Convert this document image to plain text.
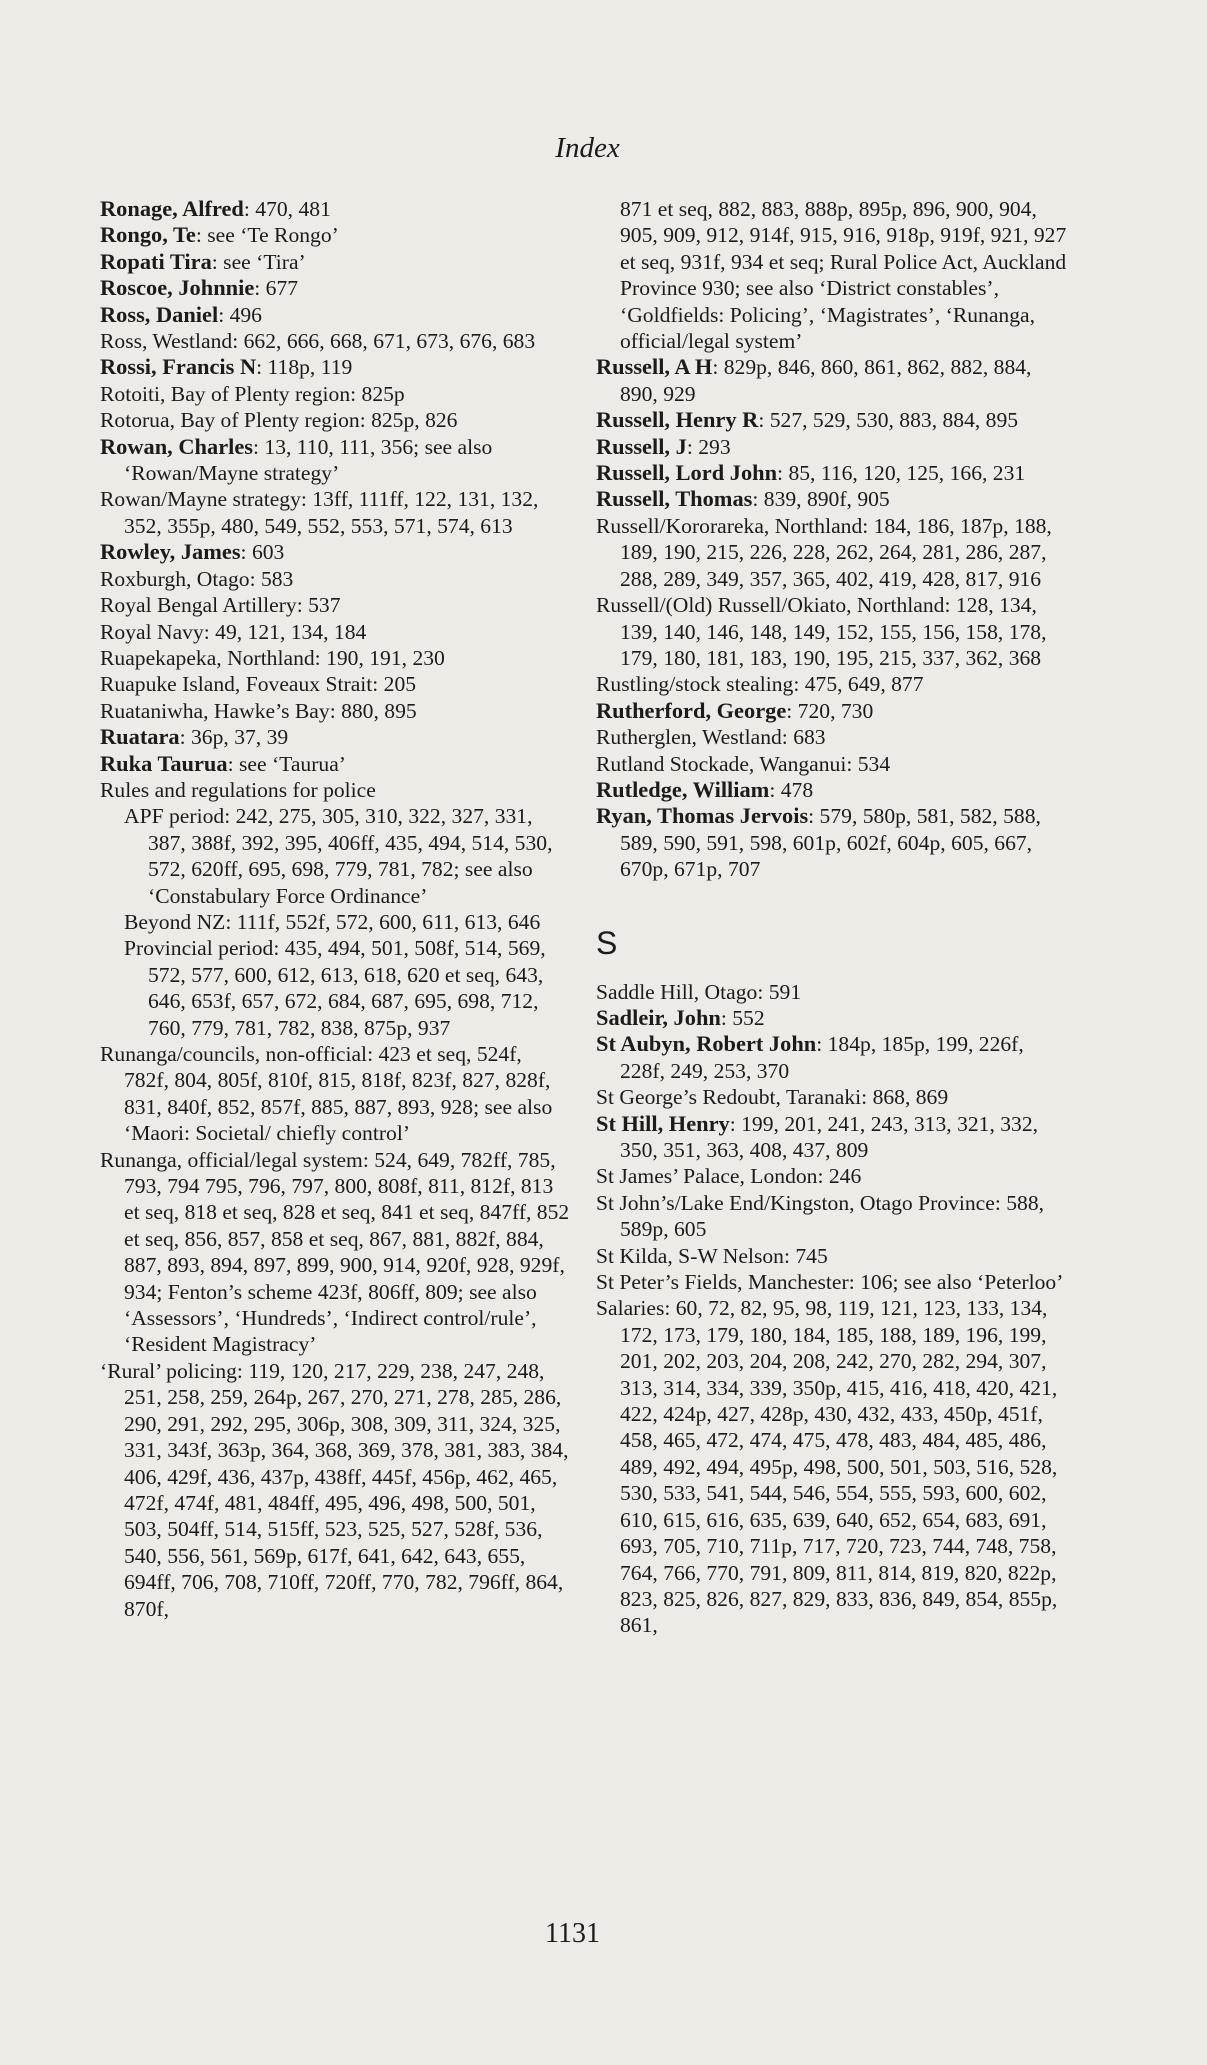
Index
Ronage, Alfred: 470, 481
Rongo, Te: see ‘Te Rongo’
Ropati Tira: see ‘Tira’
Roscoe, Johnnie: 677
Ross, Daniel: 496
Ross, Westland: 662, 666, 668, 671, 673, 676, 683
Rossi, Francis N: 118p, 119
Rotoiti, Bay of Plenty region: 825p
Rotorua, Bay of Plenty region: 825p, 826
Rowan, Charles: 13, 110, 111, 356; see also ‘Rowan/Mayne strategy’
Rowan/Mayne strategy: 13ff, 111ff, 122, 131, 132, 352, 355p, 480, 549, 552, 553, 571, 574, 613
Rowley, James: 603
Roxburgh, Otago: 583
Royal Bengal Artillery: 537
Royal Navy: 49, 121, 134, 184
Ruapekapeka, Northland: 190, 191, 230
Ruapuke Island, Foveaux Strait: 205
Ruataniwha, Hawke’s Bay: 880, 895
Ruatara: 36p, 37, 39
Ruka Taurua: see ‘Taurua’
Rules and regulations for police
APF period: 242, 275, 305, 310, 322, 327, 331, 387, 388f, 392, 395, 406ff, 435, 494, 514, 530, 572, 620ff, 695, 698, 779, 781, 782; see also ‘Constabulary Force Ordinance’
Beyond NZ: 111f, 552f, 572, 600, 611, 613, 646
Provincial period: 435, 494, 501, 508f, 514, 569, 572, 577, 600, 612, 613, 618, 620 et seq, 643, 646, 653f, 657, 672, 684, 687, 695, 698, 712, 760, 779, 781, 782, 838, 875p, 937
Runanga/councils, non-official: 423 et seq, 524f, 782f, 804, 805f, 810f, 815, 818f, 823f, 827, 828f, 831, 840f, 852, 857f, 885, 887, 893, 928; see also ‘Maori: Societal/ chiefly control’
Runanga, official/legal system: 524, 649, 782ff, 785, 793, 794 795, 796, 797, 800, 808f, 811, 812f, 813 et seq, 818 et seq, 828 et seq, 841 et seq, 847ff, 852 et seq, 856, 857, 858 et seq, 867, 881, 882f, 884, 887, 893, 894, 897, 899, 900, 914, 920f, 928, 929f, 934; Fenton’s scheme 423f, 806ff, 809; see also ‘Assessors’, ‘Hundreds’, ‘Indirect control/rule’, ‘Resident Magistracy’
‘Rural’ policing: 119, 120, 217, 229, 238, 247, 248, 251, 258, 259, 264p, 267, 270, 271, 278, 285, 286, 290, 291, 292, 295, 306p, 308, 309, 311, 324, 325, 331, 343f, 363p, 364, 368, 369, 378, 381, 383, 384, 406, 429f, 436, 437p, 438ff, 445f, 456p, 462, 465, 472f, 474f, 481, 484ff, 495, 496, 498, 500, 501, 503, 504ff, 514, 515ff, 523, 525, 527, 528f, 536, 540, 556, 561, 569p, 617f, 641, 642, 643, 655, 694ff, 706, 708, 710ff, 720ff, 770, 782, 796ff, 864, 870f,
871 et seq, 882, 883, 888p, 895p, 896, 900, 904, 905, 909, 912, 914f, 915, 916, 918p, 919f, 921, 927 et seq, 931f, 934 et seq; Rural Police Act, Auckland Province 930; see also ‘District constables’, ‘Goldfields: Policing’, ‘Magistrates’, ‘Runanga, official/legal system’
Russell, A H: 829p, 846, 860, 861, 862, 882, 884, 890, 929
Russell, Henry R: 527, 529, 530, 883, 884, 895
Russell, J: 293
Russell, Lord John: 85, 116, 120, 125, 166, 231
Russell, Thomas: 839, 890f, 905
Russell/Kororareka, Northland: 184, 186, 187p, 188, 189, 190, 215, 226, 228, 262, 264, 281, 286, 287, 288, 289, 349, 357, 365, 402, 419, 428, 817, 916
Russell/(Old) Russell/Okiato, Northland: 128, 134, 139, 140, 146, 148, 149, 152, 155, 156, 158, 178, 179, 180, 181, 183, 190, 195, 215, 337, 362, 368
Rustling/stock stealing: 475, 649, 877
Rutherford, George: 720, 730
Rutherglen, Westland: 683
Rutland Stockade, Wanganui: 534
Rutledge, William: 478
Ryan, Thomas Jervois: 579, 580p, 581, 582, 588, 589, 590, 591, 598, 601p, 602f, 604p, 605, 667, 670p, 671p, 707
S
Saddle Hill, Otago: 591
Sadleir, John: 552
St Aubyn, Robert John: 184p, 185p, 199, 226f, 228f, 249, 253, 370
St George’s Redoubt, Taranaki: 868, 869
St Hill, Henry: 199, 201, 241, 243, 313, 321, 332, 350, 351, 363, 408, 437, 809
St James’ Palace, London: 246
St John’s/Lake End/Kingston, Otago Province: 588, 589p, 605
St Kilda, S-W Nelson: 745
St Peter’s Fields, Manchester: 106; see also ‘Peterloo’
Salaries: 60, 72, 82, 95, 98, 119, 121, 123, 133, 134, 172, 173, 179, 180, 184, 185, 188, 189, 196, 199, 201, 202, 203, 204, 208, 242, 270, 282, 294, 307, 313, 314, 334, 339, 350p, 415, 416, 418, 420, 421, 422, 424p, 427, 428p, 430, 432, 433, 450p, 451f, 458, 465, 472, 474, 475, 478, 483, 484, 485, 486, 489, 492, 494, 495p, 498, 500, 501, 503, 516, 528, 530, 533, 541, 544, 546, 554, 555, 593, 600, 602, 610, 615, 616, 635, 639, 640, 652, 654, 683, 691, 693, 705, 710, 711p, 717, 720, 723, 744, 748, 758, 764, 766, 770, 791, 809, 811, 814, 819, 820, 822p, 823, 825, 826, 827, 829, 833, 836, 849, 854, 855p, 861,
1131
